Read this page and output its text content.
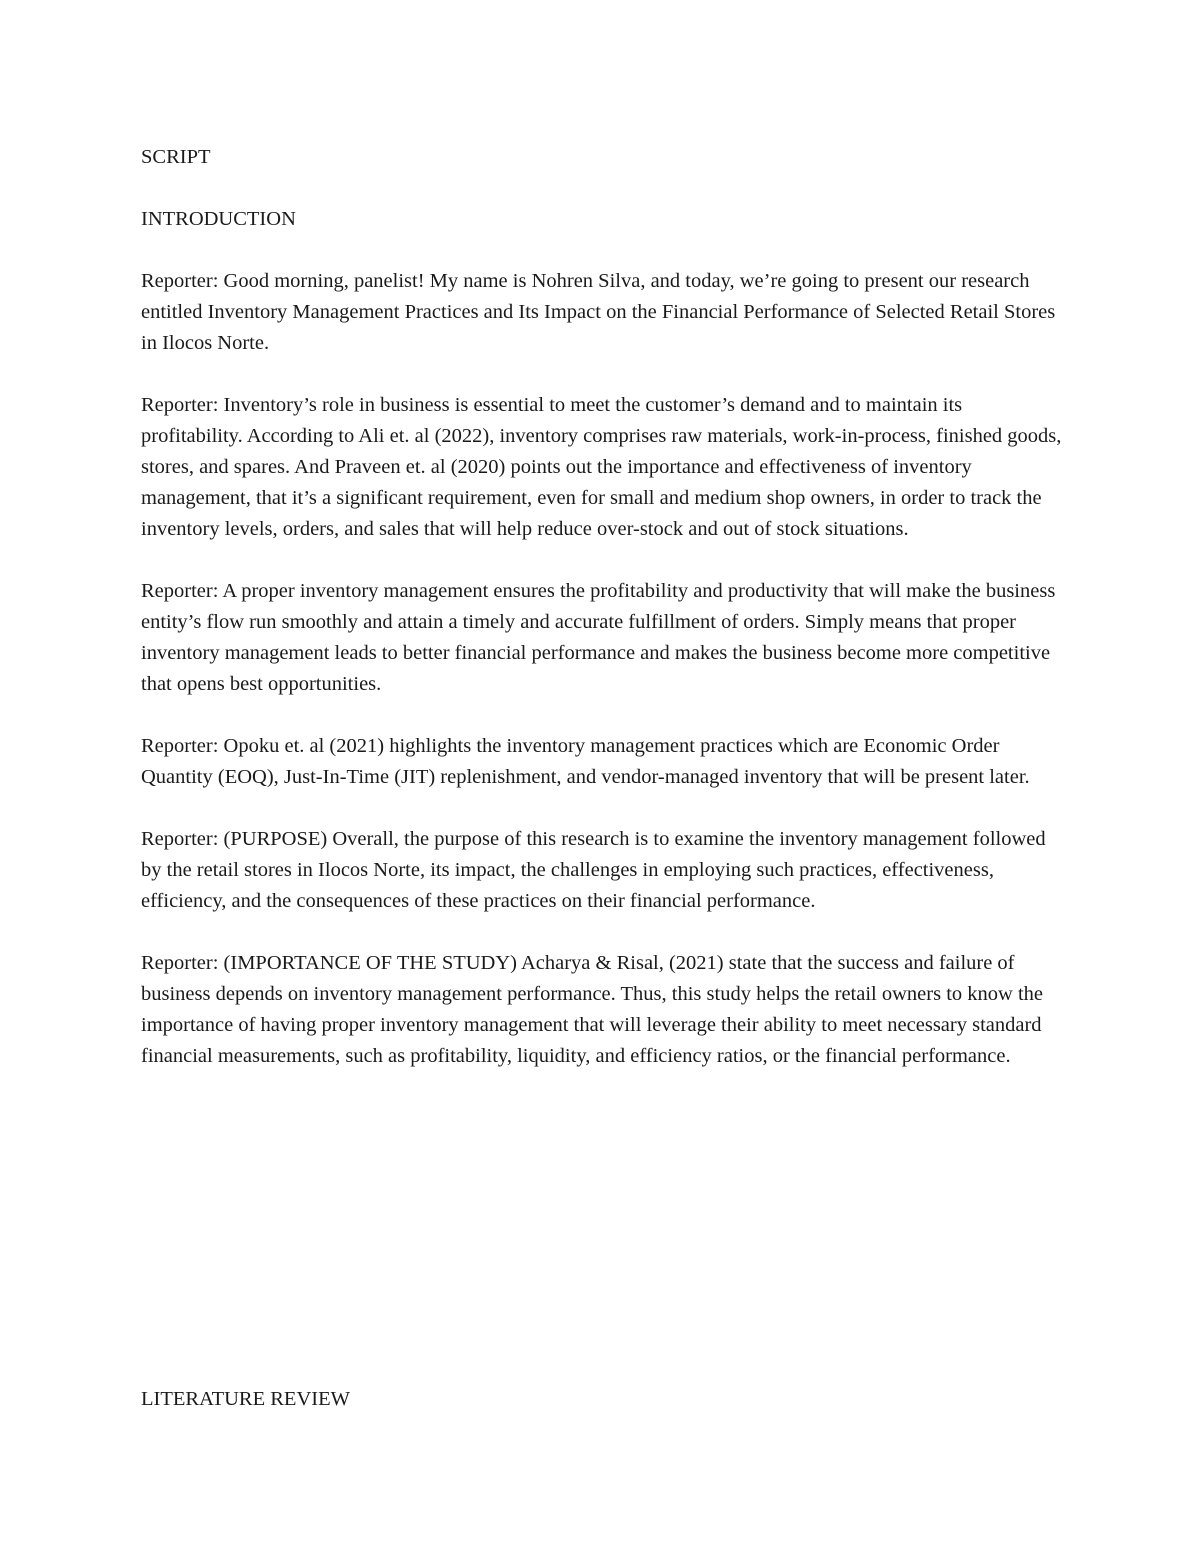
SCRIPT
INTRODUCTION

Reporter: Good morning, panelist! My name is Nohren Silva, and today, we’re going to present our research entitled Inventory Management Practices and Its Impact on the Financial Performance of Selected Retail Stores in Ilocos Norte.

Reporter: Inventory’s role in business is essential to meet the customer’s demand and to maintain its profitability. According to Ali et. al (2022), inventory comprises raw materials, work-in-process, finished goods, stores, and spares. And Praveen et. al (2020) points out the importance and effectiveness of inventory management, that it’s a significant requirement, even for small and medium shop owners, in order to track the inventory levels, orders, and sales that will help reduce over-stock and out of stock situations.

Reporter: A proper inventory management ensures the profitability and productivity that will make the business entity’s flow run smoothly and attain a timely and accurate fulfillment of orders. Simply means that proper inventory management leads to better financial performance and makes the business become more competitive that opens best opportunities.

Reporter: Opoku et. al (2021) highlights the inventory management practices which are Economic Order Quantity (EOQ), Just-In-Time (JIT) replenishment, and vendor-managed inventory that will be present later.

Reporter: (PURPOSE) Overall, the purpose of this research is to examine the inventory management followed by the retail stores in Ilocos Norte, its impact, the challenges in employing such practices, effectiveness, efficiency, and the consequences of these practices on their financial performance.

Reporter: (IMPORTANCE OF THE STUDY) Acharya & Risal, (2021) state that the success and failure of business depends on inventory management performance. Thus, this study helps the retail owners to know the importance of having proper inventory management that will leverage their ability to meet necessary standard financial measurements, such as profitability, liquidity, and efficiency ratios, or the financial performance.

LITERATURE REVIEW
